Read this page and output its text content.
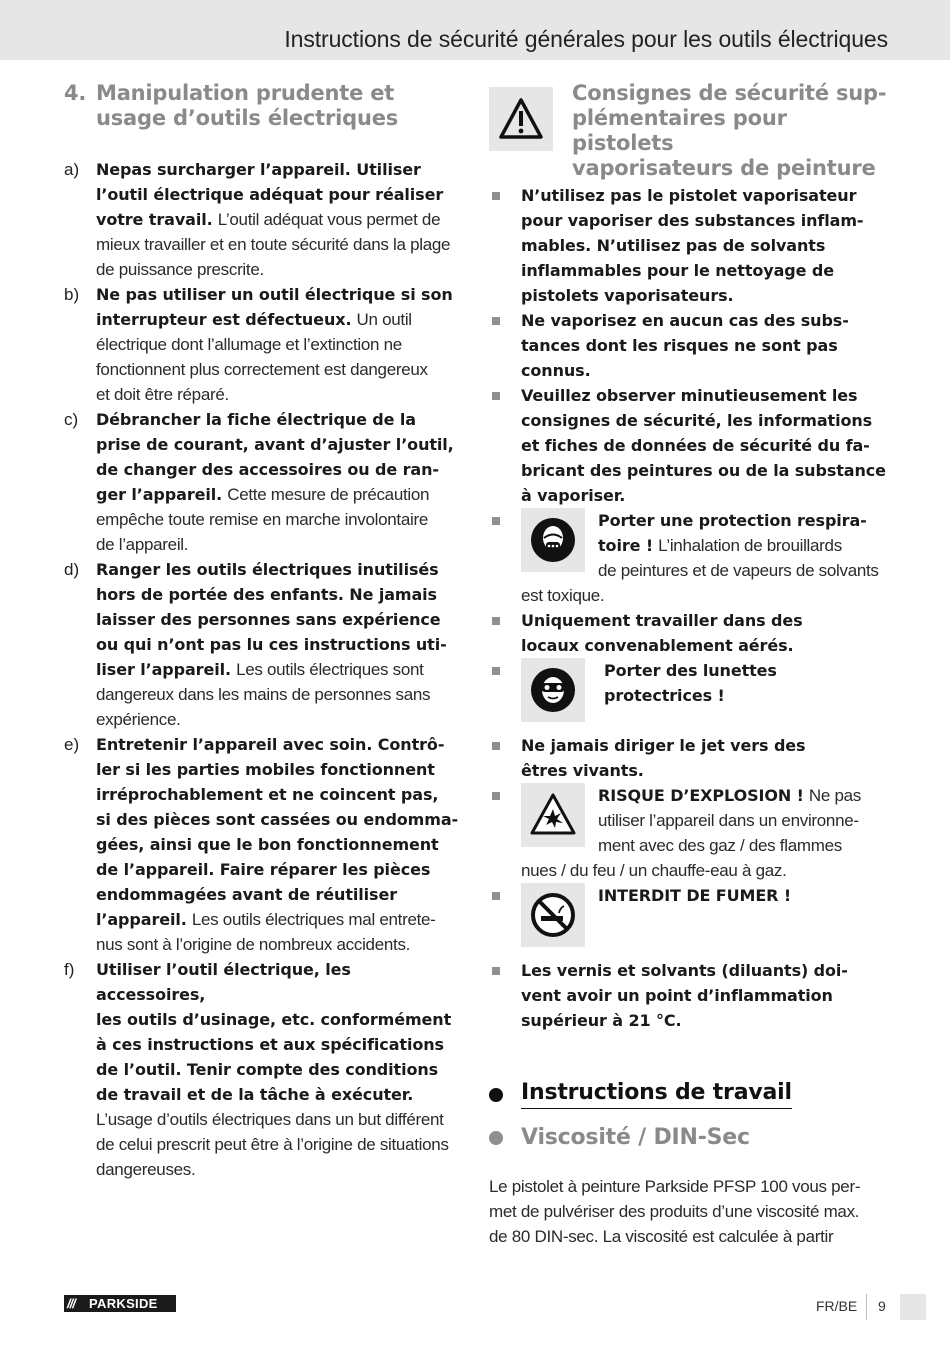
Instructions de sécurité générales pour les outils électriques
4. Manipulation prudente et
usage d’outils électriques
a)	Nepas surcharger l’appareil. Utiliser
l’outil électrique adéquat pour réaliser
votre travail. L’outil adéquat vous permet de
mieux travailler et en toute sécurité dans la plage
de puissance prescrite.
b)	Ne pas utiliser un outil électrique si son
interrupteur est défectueux. Un outil
électrique dont l’allumage et l’extinction ne
fonctionnent plus correctement est dangereux
et doit être réparé.
c)	Débrancher la fiche électrique de la
prise de courant, avant d’ajuster l’outil,
de changer des accessoires ou de ran-
ger l’appareil. Cette mesure de précaution
empêche toute remise en marche involontaire
de l’appareil.
d)	Ranger les outils électriques inutilisés
hors de portée des enfants. Ne jamais
laisser des personnes sans expérience
ou qui n’ont pas lu ces instructions uti-
liser l’appareil. Les outils électriques sont
dangereux dans les mains de personnes sans
expérience.
e)	Entretenir l’appareil avec soin. Contrô-
ler si les parties mobiles fonctionnent
irréprochablement et ne coincent pas,
si des pièces sont cassées ou endomma-
gées, ainsi que le bon fonctionnement
de l’appareil. Faire réparer les pièces
endommagées avant de réutiliser
l’appareil. Les outils électriques mal entrete-
nus sont à l’origine de nombreux accidents.
f)	Utiliser l’outil électrique, les accessoires,
les outils d’usinage, etc. conformément
à ces instructions et aux spécifications
de l’outil. Tenir compte des conditions
de travail et de la tâche à exécuter.
L’usage d’outils électriques dans un but différent
de celui prescrit peut être à l’origine de situations
dangereuses.
Consignes de sécurité sup-
plémentaires pour pistolets
vaporisateurs de peinture
N’utilisez pas le pistolet vaporisateur
pour vaporiser des substances inflam-
mables. N’utilisez pas de solvants
inflammables pour le nettoyage de
pistolets vaporisateurs.
Ne vaporisez en aucun cas des subs-
tances dont les risques ne sont pas
connus.
Veuillez observer minutieusement les
consignes de sécurité, les informations
et fiches de données de sécurité du fa-
bricant des peintures ou de la substance
à vaporiser.
Porter une protection respira-
toire ! L’inhalation de brouillards
de peintures et de vapeurs de solvants
est toxique.
Uniquement travailler dans des
locaux convenablement aérés.
Porter des lunettes
protectrices !
Ne jamais diriger le jet vers des
êtres vivants.
RISQUE D’EXPLOSION ! Ne pas
utiliser l’appareil dans un environne-
ment avec des gaz / des flammes
nues / du feu / un chauffe-eau à gaz.
INTERDIT DE FUMER !
Les vernis et solvants (diluants) doi-
vent avoir un point d’inflammation
supérieur à 21 °C.
Instructions de travail
Viscosité / DIN-Sec
Le pistolet à peinture Parkside PFSP 100 vous per-
met de pulvériser des produits d’une viscosité max.
de 80 DIN-sec. La viscosité est calculée à partir
/// PARKSIDE	FR/BE 9
